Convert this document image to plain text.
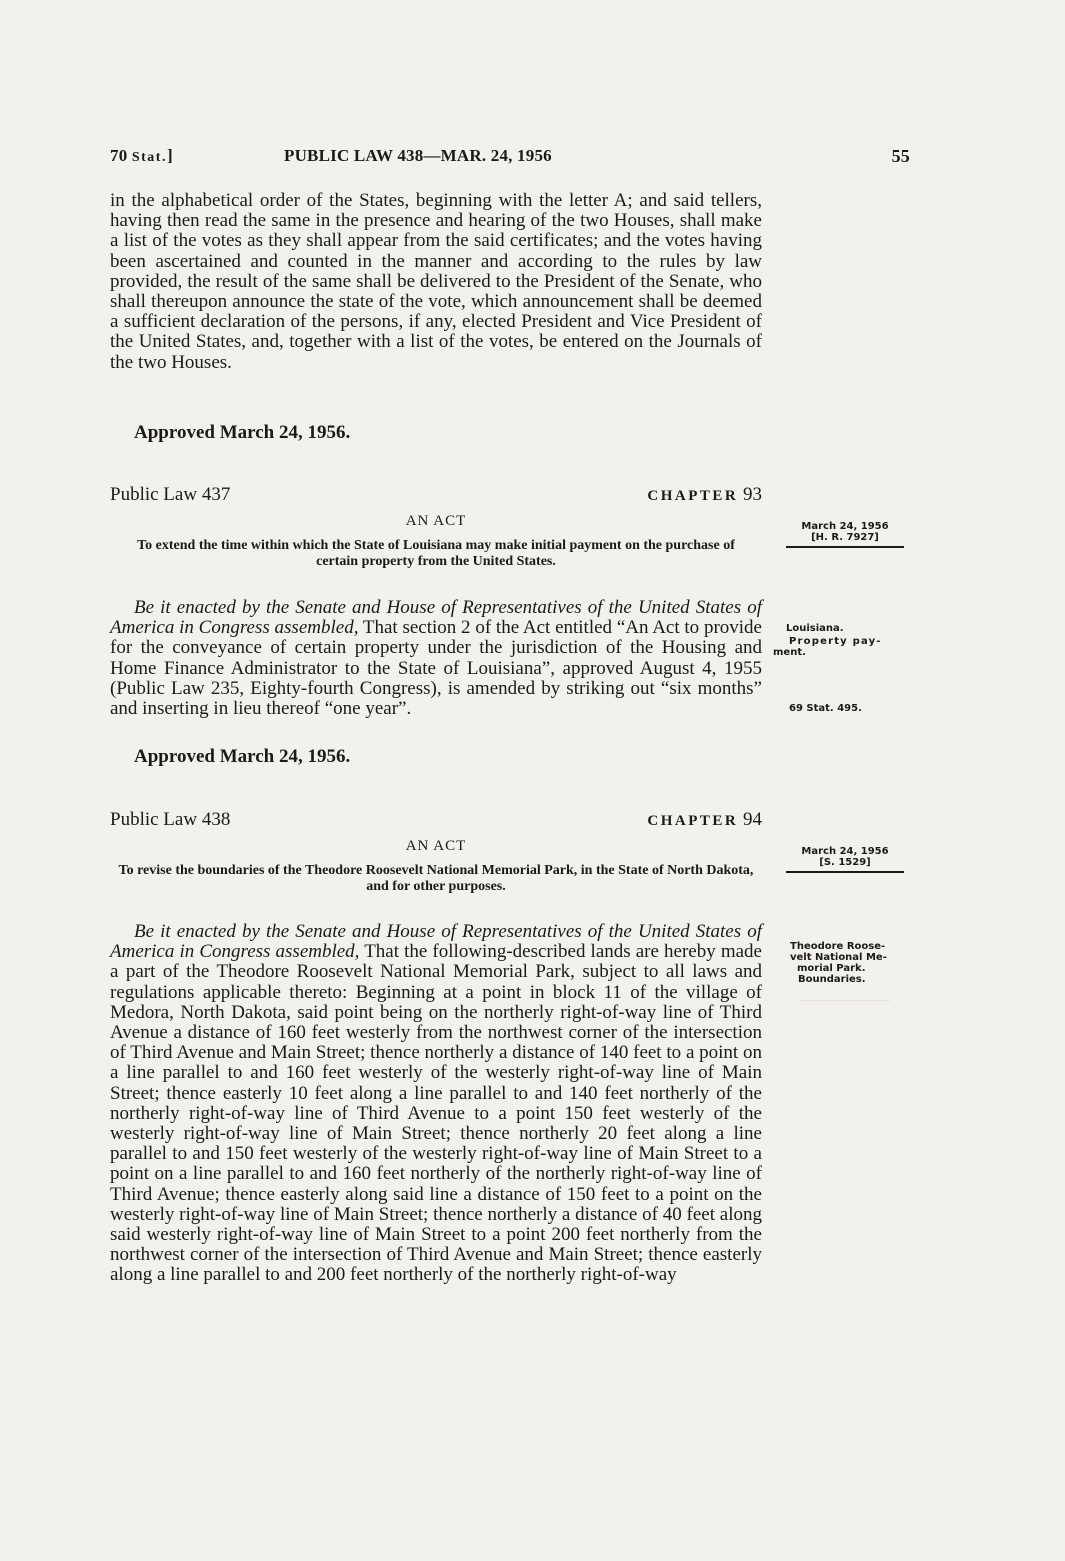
70 Stat.]	PUBLIC LAW 438—MAR. 24, 1956	55

in the alphabetical order of the States, beginning with the letter A; and said tellers, having then read the same in the presence and hearing of the two Houses, shall make a list of the votes as they shall appear from the said certificates; and the votes having been ascertained and counted in the manner and according to the rules by law provided, the result of the same shall be delivered to the President of the Senate, who shall thereupon announce the state of the vote, which announcement shall be deemed a sufficient declaration of the persons, if any, elected President and Vice President of the United States, and, together with a list of the votes, be entered on the Journals of the two Houses.

Approved March 24, 1956.
Public Law 437	CHAPTER 93
AN ACT
To extend the time within which the State of Louisiana may make initial payment on the purchase of certain property from the United States.
March 24, 1956
[H. R. 7927]

Be it enacted by the Senate and House of Representatives of the United States of America in Congress assembled, That section 2 of the Act entitled “An Act to provide for the conveyance of certain property under the jurisdiction of the Housing and Home Finance Administrator to the State of Louisiana”, approved August 4, 1955 (Public Law 235, Eighty-fourth Congress), is amended by striking out “six months” and inserting in lieu thereof “one year”.

Approved March 24, 1956.
Louisiana.
Property pay-
ment.
69 Stat. 495.
Public Law 438	CHAPTER 94
AN ACT
To revise the boundaries of the Theodore Roosevelt National Memorial Park, in the State of North Dakota, and for other purposes.
March 24, 1956
[S. 1529]

Be it enacted by the Senate and House of Representatives of the United States of America in Congress assembled, That the following-described lands are hereby made a part of the Theodore Roosevelt National Memorial Park, subject to all laws and regulations applicable thereto: Beginning at a point in block 11 of the village of Medora, North Dakota, said point being on the northerly right-of-way line of Third Avenue a distance of 160 feet westerly from the northwest corner of the intersection of Third Avenue and Main Street; thence northerly a distance of 140 feet to a point on a line parallel to and 160 feet westerly of the westerly right-of-way line of Main Street; thence easterly 10 feet along a line parallel to and 140 feet northerly of the northerly right-of-way line of Third Avenue to a point 150 feet westerly of the westerly right-of-way line of Main Street; thence northerly 20 feet along a line parallel to and 150 feet westerly of the westerly right-of-way line of Main Street to a point on a line parallel to and 160 feet northerly of the northerly right-of-way line of Third Avenue; thence easterly along said line a distance of 150 feet to a point on the westerly right-of-way line of Main Street; thence northerly a distance of 40 feet along said westerly right-of-way line of Main Street to a point 200 feet northerly from the northwest corner of the intersection of Third Avenue and Main Street; thence easterly along a line parallel to and 200 feet northerly of the northerly right-of-way

Theodore Roose-
velt National Me-
morial Park.
Boundaries.
